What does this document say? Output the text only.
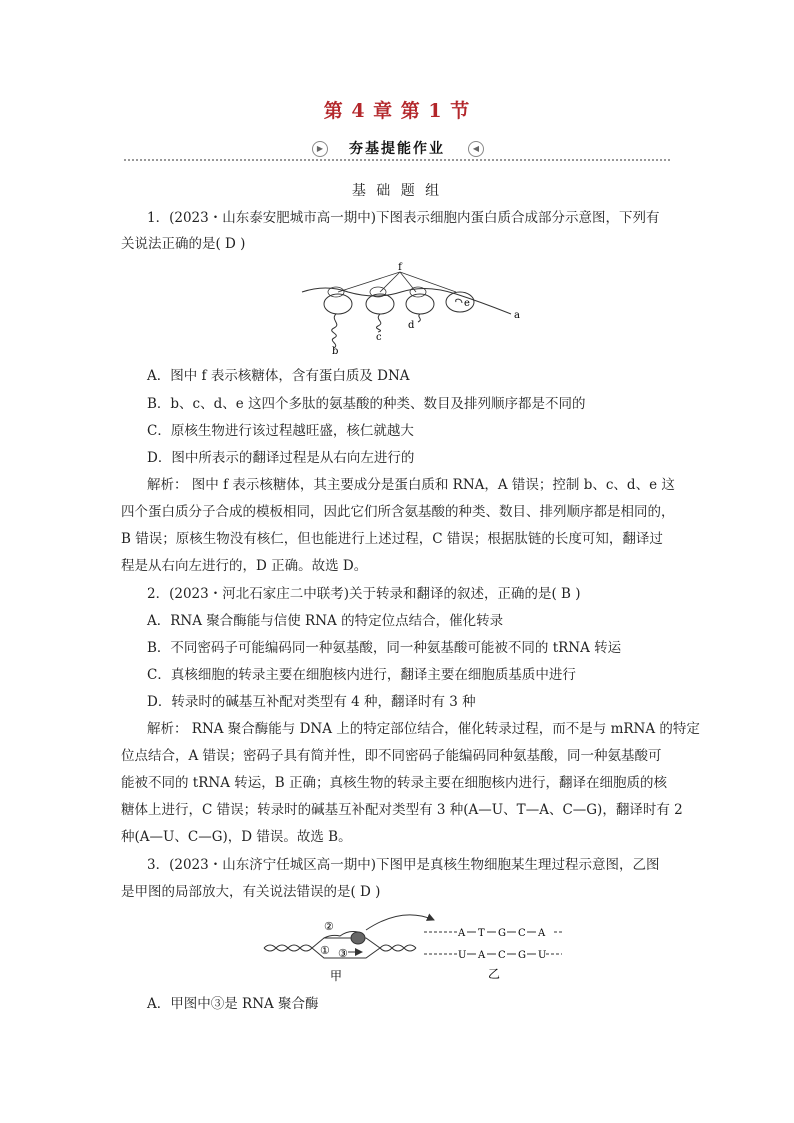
第 4 章 第 1 节
▶	夯基提能作业	◀
基 础 题 组
1．(2023・山东泰安肥城市高一期中)下图表示细胞内蛋白质合成部分示意图，下列有
关说法正确的是( D )
f
a
b
c
d
e
A．图中 f 表示核糖体，含有蛋白质及 DNA
B．b、c、d、e 这四个多肽的氨基酸的种类、数目及排列顺序都是不同的
C．原核生物进行该过程越旺盛，核仁就越大
D．图中所表示的翻译过程是从右向左进行的
解析： 图中 f 表示核糖体，其主要成分是蛋白质和 RNA，A 错误；控制 b、c、d、e 这
四个蛋白质分子合成的模板相同，因此它们所含氨基酸的种类、数目、排列顺序都是相同的，
B 错误；原核生物没有核仁，但也能进行上述过程，C 错误；根据肽链的长度可知，翻译过
程是从右向左进行的，D 正确。故选 D。
2．(2023・河北石家庄二中联考)关于转录和翻译的叙述，正确的是( B )
A．RNA 聚合酶能与信使 RNA 的特定位点结合，催化转录
B．不同密码子可能编码同一种氨基酸，同一种氨基酸可能被不同的 tRNA 转运
C．真核细胞的转录主要在细胞核内进行，翻译主要在细胞质基质中进行
D．转录时的碱基互补配对类型有 4 种，翻译时有 3 种
解析： RNA 聚合酶能与 DNA 上的特定部位结合，催化转录过程，而不是与 mRNA 的特定
位点结合，A 错误；密码子具有简并性，即不同密码子能编码同种氨基酸，同一种氨基酸可
能被不同的 tRNA 转运，B 正确；真核生物的转录主要在细胞核内进行，翻译在细胞质的核
糖体上进行，C 错误；转录时的碱基互补配对类型有 3 种(A—U、T—A、C—G)，翻译时有 2
种(A—U、C—G)，D 错误。故选 B。
3．(2023・山东济宁任城区高一期中)下图甲是真核生物细胞某生理过程示意图，乙图
是甲图的局部放大，有关说法错误的是( D )
②
① ③
甲
A T G C A
U A C G U
乙
A．甲图中③是 RNA 聚合酶
